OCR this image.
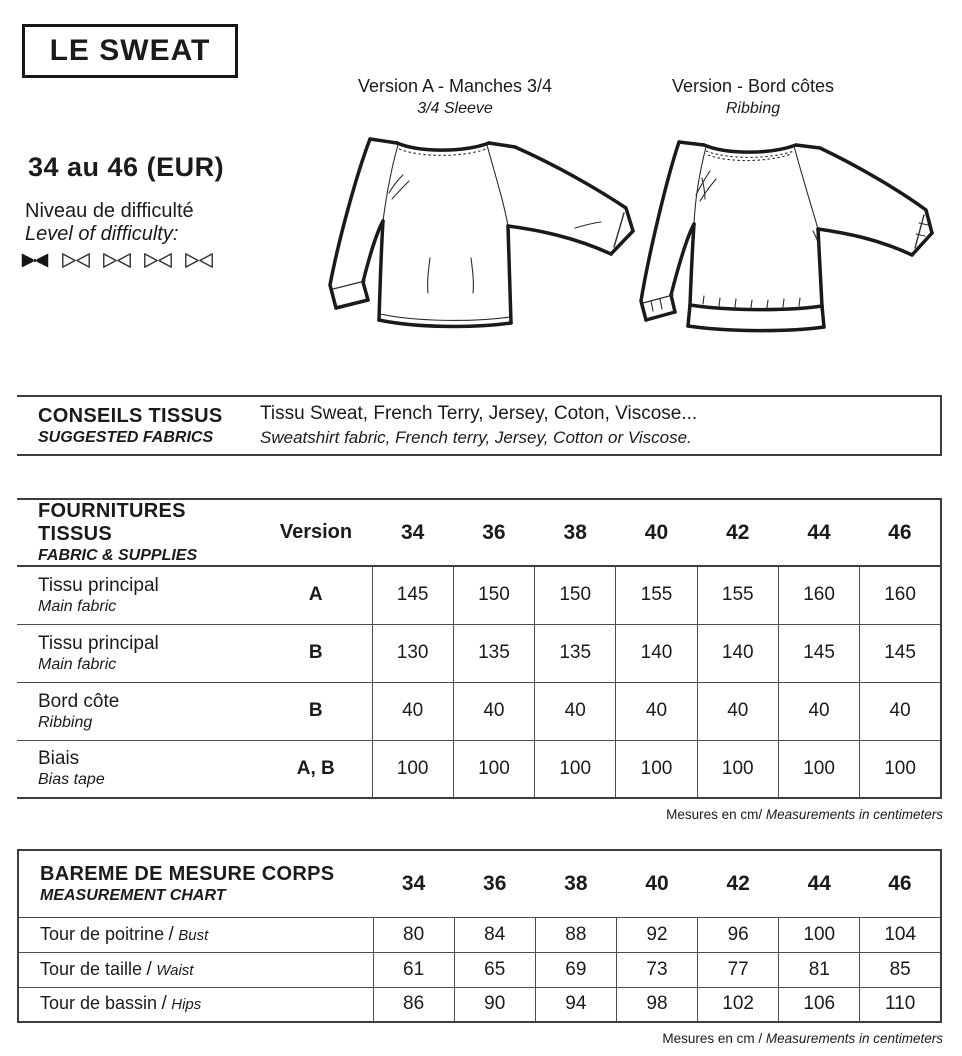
LE SWEAT
34 au 46 (EUR)
Niveau de difficulté
Level of difficulty:
Version A - Manches 3/4
3/4 Sleeve
Version - Bord côtes
Ribbing
CONSEILS TISSUS
SUGGESTED FABRICS
Tissu Sweat, French Terry, Jersey, Coton, Viscose...
Sweatshirt fabric, French terry, Jersey, Cotton or Viscose.
FOURNITURES TISSUS
FABRIC & SUPPLIES	Version	34	36	38	40	42	44	46

Tissu principal
Main fabric	A	145	150	150	155	155	160	160

Tissu principal
Main fabric	B	130	135	135	140	140	145	145

Bord côte
Ribbing	B	40	40	40	40	40	40	40

Biais
Bias tape	A, B	100	100	100	100	100	100	100
Mesures en cm/ Measurements in centimeters
BAREME DE MESURE CORPS
MEASUREMENT CHART	34	36	38	40	42	44	46
Tour de poitrine / Bust	80	84	88	92	96	100	104
Tour de taille / Waist	61	65	69	73	77	81	85
Tour de bassin / Hips	86	90	94	98	102	106	110
Mesures en cm / Measurements in centimeters
